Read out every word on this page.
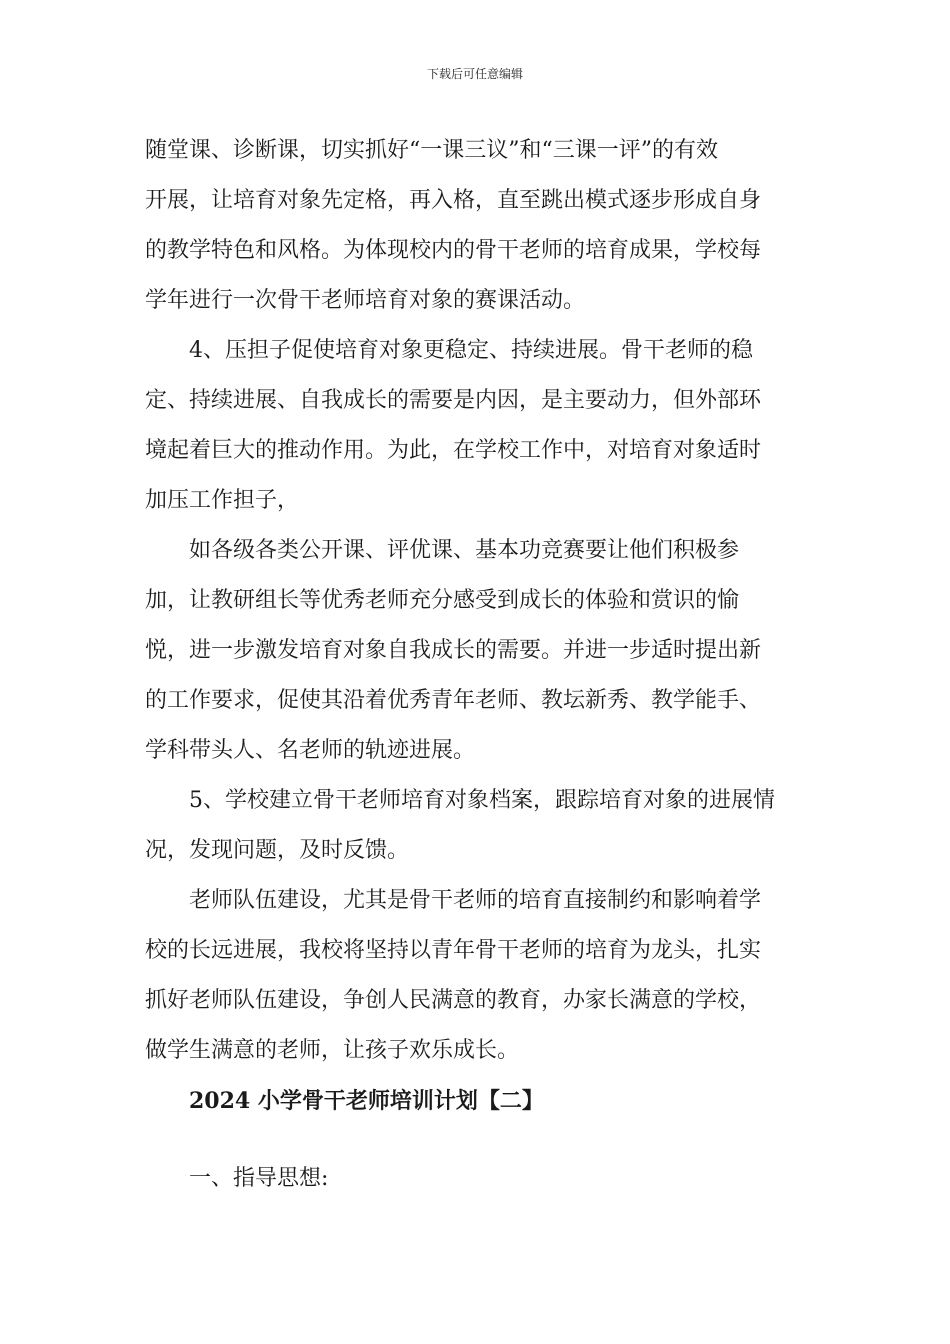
下载后可任意编辑
随堂课、诊断课，切实抓好“一课三议”和“三课一评”的有效
开展，让培育对象先定格，再入格，直至跳出模式逐步形成自身
的教学特色和风格。为体现校内的骨干老师的培育成果，学校每
学年进行一次骨干老师培育对象的赛课活动。
4、压担子促使培育对象更稳定、持续进展。骨干老师的稳
定、持续进展、自我成长的需要是内因，是主要动力，但外部环
境起着巨大的推动作用。为此，在学校工作中，对培育对象适时
加压工作担子，
如各级各类公开课、评优课、基本功竞赛要让他们积极参
加，让教研组长等优秀老师充分感受到成长的体验和赏识的愉
悦，进一步激发培育对象自我成长的需要。并进一步适时提出新
的工作要求，促使其沿着优秀青年老师、教坛新秀、教学能手、
学科带头人、名老师的轨迹进展。
5、学校建立骨干老师培育对象档案，跟踪培育对象的进展情
况，发现问题，及时反馈。
老师队伍建设，尤其是骨干老师的培育直接制约和影响着学
校的长远进展，我校将坚持以青年骨干老师的培育为龙头，扎实
抓好老师队伍建设，争创人民满意的教育，办家长满意的学校，
做学生满意的老师，让孩子欢乐成长。
2024 小学骨干老师培训计划【二】
一、指导思想:
